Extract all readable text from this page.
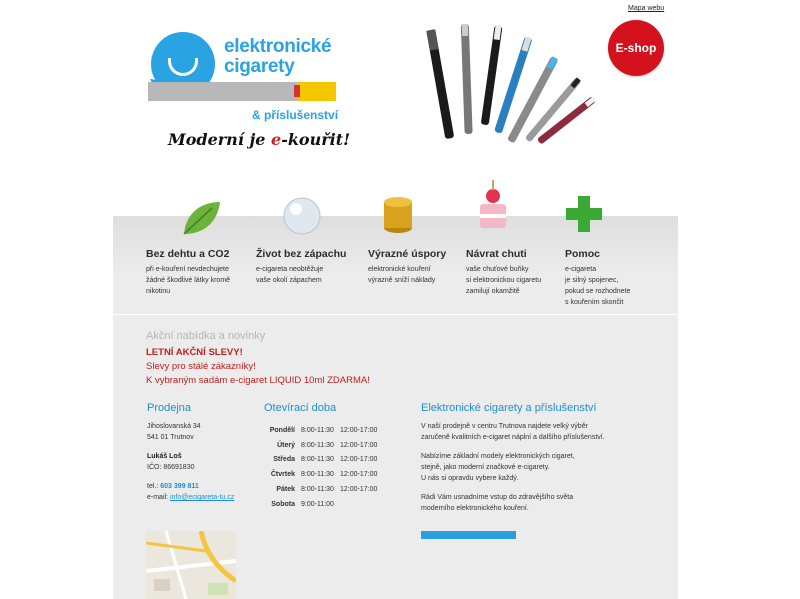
Mapa webu
elektronické
cigarety
& příslušenství
Moderní je e-kouřit!
E-shop
Bez dehtu a CO2
při e-kouření nevdechujete
žádné škodlivé látky kromě
nikotinu
Život bez zápachu
e-cigareta neobtěžuje
vaše okolí zápachem
Výrazné úspory
elektronické kouření
výrazně sníží náklady
Návrat chuti
vaše chuťové buňky
si elektronickou cigaretu
zamilují okamžitě
Pomoc
e-cigareta
je silný spojenec,
pokud se rozhodnete
s kouřením skončit
Akční nabídka a novinky
LETNÍ AKČNÍ SLEVY!
Slevy pro stálé zákazníky!
K vybraným sadám e-cigaret LIQUID 10ml ZDARMA!
Prodejna
Jihoslovanská 34
541 01 Trutnov
Lukáš Loš
IČO: 86691830
tel.: 603 399 811
e-mail: info@ecigareta-tu.cz
Otevírací doba
Pondělí 8:00-11:30 12:00-17:00
Úterý 8:00-11:30 12:00-17:00
Středa 8:00-11:30 12:00-17:00
Čtvrtek 8:00-11:30 12:00-17:00
Pátek 8:00-11:30 12:00-17:00
Sobota 9:00-11:00
Elektronické cigarety a příslušenství
V naší prodejně v centru Trutnova najdete velký výběr
zaručeně kvalitních e-cigaret náplní a dalšího příslušenství.
Nabízíme základní modely elektronických cigaret,
stejně, jako moderní značkové e-cigarety.
U nás si opravdu vybere každý.
Rádi Vám usnadníme vstup do zdravějšího světa
moderního elektronického kouření.
